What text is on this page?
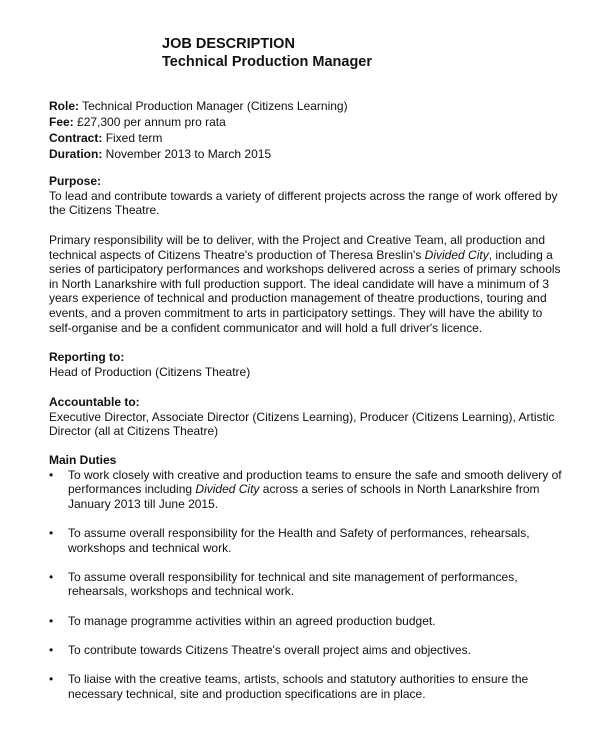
JOB DESCRIPTION
Technical Production Manager
Role: Technical Production Manager (Citizens Learning)
Fee: £27,300 per annum pro rata
Contract: Fixed term
Duration: November 2013 to March 2015
Purpose:

To lead and contribute towards a variety of different projects across the range of work offered by the Citizens Theatre.

Primary responsibility will be to deliver, with the Project and Creative Team, all production and technical aspects of Citizens Theatre's production of Theresa Breslin's Divided City, including a series of participatory performances and workshops delivered across a series of primary schools in North Lanarkshire with full production support. The ideal candidate will have a minimum of 3 years experience of technical and production management of theatre productions, touring and events, and a proven commitment to arts in participatory settings. They will have the ability to self-organise and be a confident communicator and will hold a full driver's licence.

Reporting to:

Head of Production (Citizens Theatre)

Accountable to:

Executive Director, Associate Director (Citizens Learning), Producer (Citizens Learning), Artistic Director (all at Citizens Theatre)

Main Duties
•	To work closely with creative and production teams to ensure the safe and smooth delivery of performances including Divided City across a series of schools in North Lanarkshire from January 2013 till June 2015.
•	To assume overall responsibility for the Health and Safety of performances, rehearsals, workshops and technical work.
•	To assume overall responsibility for technical and site management of performances, rehearsals, workshops and technical work.
•	To manage programme activities within an agreed production budget.
•	To contribute towards Citizens Theatre's overall project aims and objectives.
•	To liaise with the creative teams, artists, schools and statutory authorities to ensure the necessary technical, site and production specifications are in place.
